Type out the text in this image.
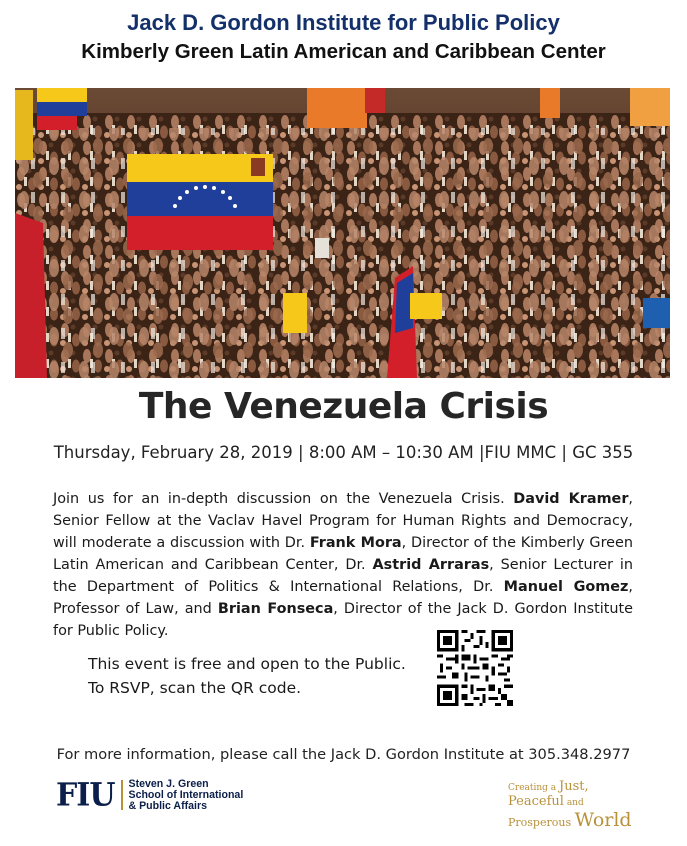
Jack D. Gordon Institute for Public Policy
Kimberly Green Latin American and Caribbean Center
The Venezuela Crisis
Thursday, February 28, 2019 | 8:00 AM – 10:30 AM |FIU MMC | GC 355
Join us for an in-depth discussion on the Venezuela Crisis. David Kramer, Senior Fellow at the Vaclav Havel Program for Human Rights and Democracy, will moderate a discussion with Dr. Frank Mora, Director of the Kimberly Green Latin American and Caribbean Center, Dr. Astrid Arraras, Senior Lecturer in the Department of Politics & International Relations, Dr. Manuel Gomez, Professor of Law, and Brian Fonseca, Director of the Jack D. Gordon Institute for Public Policy.
This event is free and open to the Public.
To RSVP, scan the QR code.
For more information, please call the Jack D. Gordon Institute at 305.348.2977
FIU Steven J. Green
School of International
& Public Affairs
Creating a Just, Peaceful and
Prosperous World
